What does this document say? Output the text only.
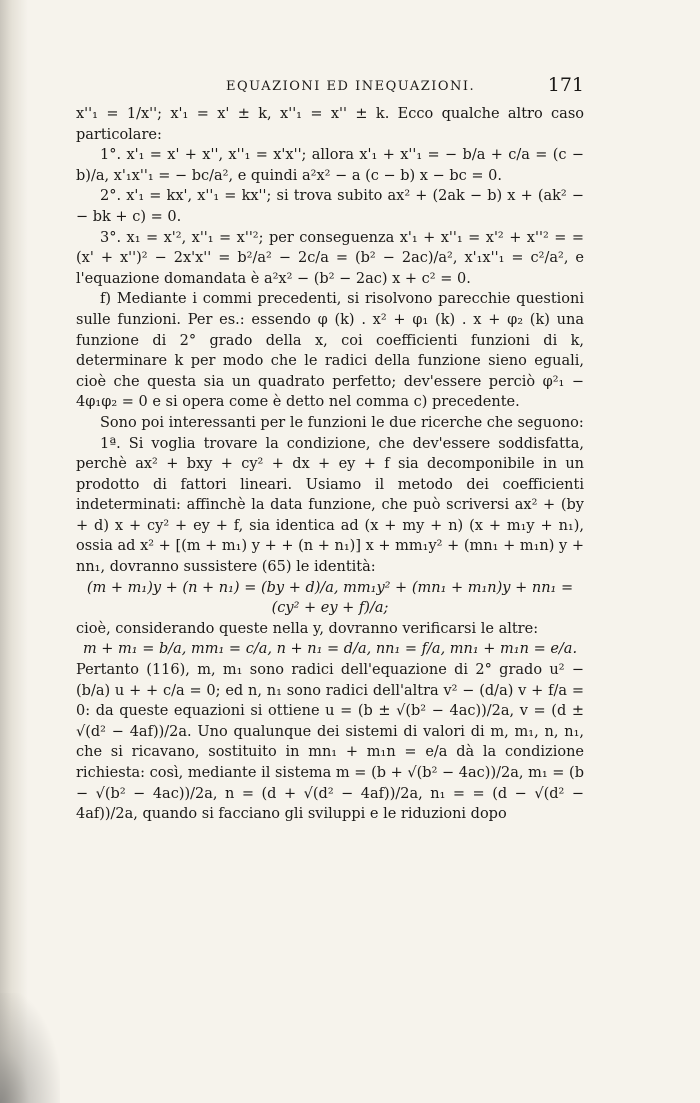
EQUAZIONI ED INEQUAZIONI.	171

x''₁ = 1/x''; x'₁ = x' ± k, x''₁ = x'' ± k. Ecco qualche altro caso particolare:

1°. x'₁ = x' + x'', x''₁ = x'x''; allora x'₁ + x''₁ = − b/a + c/a = (c − b)/a, x'₁x''₁ = − bc/a², e quindi a²x² − a (c − b) x − bc = 0.

2°. x'₁ = kx', x''₁ = kx''; si trova subito ax² + (2ak − b) x + (ak² − − bk + c) = 0.

3°. x₁ = x'², x''₁ = x''²; per conseguenza x'₁ + x''₁ = x'² + x''² = = (x' + x'')² − 2x'x'' = b²/a² − 2c/a = (b² − 2ac)/a², x'₁x''₁ = c²/a², e l'equazione domandata è a²x² − (b² − 2ac) x + c² = 0.

f) Mediante i commi precedenti, si risolvono parecchie questioni sulle funzioni. Per es.: essendo φ (k) . x² + φ₁ (k) . x + φ₂ (k) una funzione di 2° grado della x, coi coefficienti funzioni di k, determinare k per modo che le radici della funzione sieno eguali, cioè che questa sia un quadrato perfetto; dev'essere perciò φ²₁ − 4φ₁φ₂ = 0 e si opera come è detto nel comma c) precedente.

Sono poi interessanti per le funzioni le due ricerche che seguono:

1ª. Si voglia trovare la condizione, che dev'essere soddisfatta, perchè ax² + bxy + cy² + dx + ey + f sia decomponibile in un prodotto di fattori lineari. Usiamo il metodo dei coefficienti indeterminati: affinchè la data funzione, che può scriversi ax² + (by + d) x + cy² + ey + f, sia identica ad (x + my + n) (x + m₁y + n₁), ossia ad x² + [(m + m₁) y + + (n + n₁)] x + mm₁y² + (mn₁ + m₁n) y + nn₁, dovranno sussistere (65) le identità:

(m + m₁)y + (n + n₁) = (by + d)/a, mm₁y² + (mn₁ + m₁n)y + nn₁ = (cy² + ey + f)/a;

cioè, considerando queste nella y, dovranno verificarsi le altre:

m + m₁ = b/a, mm₁ = c/a, n + n₁ = d/a, nn₁ = f/a, mn₁ + m₁n = e/a.

Pertanto (116), m, m₁ sono radici dell'equazione di 2° grado u² − (b/a) u + + c/a = 0; ed n, n₁ sono radici dell'altra v² − (d/a) v + f/a = 0: da queste equazioni si ottiene u = (b ± √(b² − 4ac))/2a, v = (d ± √(d² − 4af))/2a. Uno qualunque dei sistemi di valori di m, m₁, n, n₁, che si ricavano, sostituito in mn₁ + m₁n = e/a dà la condizione richiesta: così, mediante il sistema m = (b + √(b² − 4ac))/2a, m₁ = (b − √(b² − 4ac))/2a, n = (d + √(d² − 4af))/2a, n₁ = = (d − √(d² − 4af))/2a, quando si facciano gli sviluppi e le riduzioni dopo
